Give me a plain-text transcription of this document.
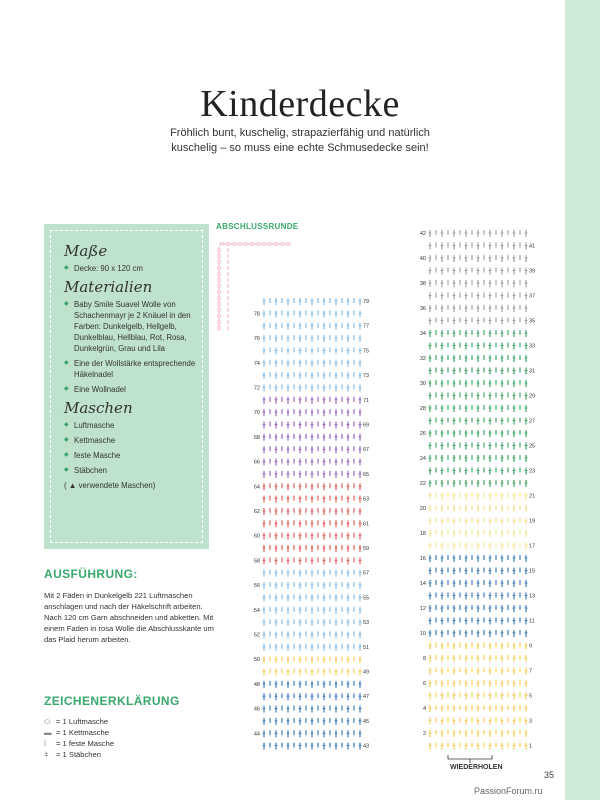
Kinderdecke
Fröhlich bunt, kuschelig, strapazierfähig und natürlich kuschelig – so muss eine echte Schmusedecke sein!
Maße
◆ Decke: 90 x 120 cm
Materialien
◆ Baby Smile Suavel Wolle von Schachenmayr je 2 Knäuel in den Farben: Dunkelgelb, Hellgelb, Dunkelblau, Hellblau, Rot, Rosa, Dunkelgrün, Grau und Lila
◆ Eine der Wollstärke entsprechende Häkelnadel
◆ Eine Wollnadel
Maschen
◆ Luftmasche
◆ Kettmasche
◆ feste Masche
◆ Stäbchen
( ▲ verwendete Maschen)
AUSFÜHRUNG:
Mit 2 Fäden in Dunkelgelb 221 Luftmaschen anschlagen und nach der Häkelschrift arbeiten. Nach 120 cm Garn abschneiden und abketten. Mit einem Faden in rosa Wolle die Abschlusskante um das Plaid herum arbeiten.
ZEICHENERKLÄRUNG
⬭ = 1 Luftmasche
▬ = 1 Kettmasche
ǀ = 1 feste Masche
ǂ = 1 Stäbchen
ABSCHLUSSRUNDE
79
78
77
76
75
74
73
72
71
70
69
68
67
66
65
64
63
62
61
60
59
58
57
56
55
54
53
52
51
50
49
48
47
46
45
44
43
42
41
40
39
38
37
36
35
34
33
32
31
30
29
28
27
26
25
24
23
22
21
20
19
18
17
16
15
14
13
12
11
10
9
8
7
6
5
4
3
2
1
WIEDERHOLEN
35
PassionForum.ru
